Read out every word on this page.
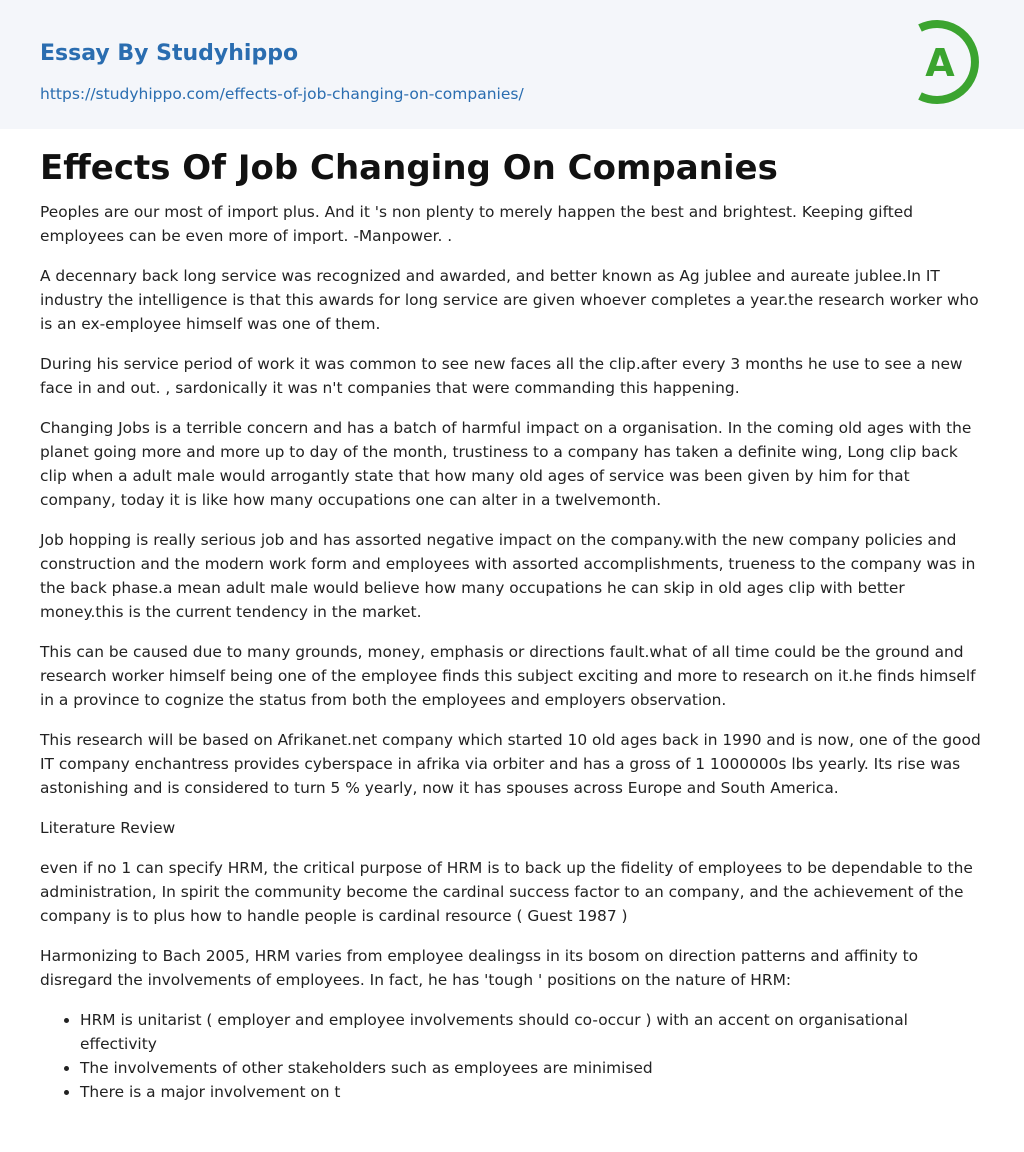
Essay By Studyhippo
https://studyhippo.com/effects-of-job-changing-on-companies/
A
Effects Of Job Changing On Companies

Peoples are our most of import plus. And it 's non plenty to merely happen the best and brightest. Keeping gifted employees can be even more of import. -Manpower. .

A decennary back long service was recognized and awarded, and better known as Ag jublee and aureate jublee.In IT industry the intelligence is that this awards for long service are given whoever completes a year.the research worker who is an ex-employee himself was one of them.

During his service period of work it was common to see new faces all the clip.after every 3 months he use to see a new face in and out. , sardonically it was n't companies that were commanding this happening.

Changing Jobs is a terrible concern and has a batch of harmful impact on a organisation. In the coming old ages with the planet going more and more up to day of the month, trustiness to a company has taken a definite wing, Long clip back clip when a adult male would arrogantly state that how many old ages of service was been given by him for that company, today it is like how many occupations one can alter in a twelvemonth.

Job hopping is really serious job and has assorted negative impact on the company.with the new company policies and construction and the modern work form and employees with assorted accomplishments, trueness to the company was in the back phase.a mean adult male would believe how many occupations he can skip in old ages clip with better money.this is the current tendency in the market.

This can be caused due to many grounds, money, emphasis or directions fault.what of all time could be the ground and research worker himself being one of the employee finds this subject exciting and more to research on it.he finds himself in a province to cognize the status from both the employees and employers observation.

This research will be based on Afrikanet.net company which started 10 old ages back in 1990 and is now, one of the good IT company enchantress provides cyberspace in afrika via orbiter and has a gross of 1 1000000s lbs yearly. Its rise was astonishing and is considered to turn 5 % yearly, now it has spouses across Europe and South America.

Literature Review

even if no 1 can specify HRM, the critical purpose of HRM is to back up the fidelity of employees to be dependable to the administration, In spirit the community become the cardinal success factor to an company, and the achievement of the company is to plus how to handle people is cardinal resource ( Guest 1987 )

Harmonizing to Bach 2005, HRM varies from employee dealingss in its bosom on direction patterns and affinity to disregard the involvements of employees. In fact, he has 'tough ' positions on the nature of HRM:

• HRM is unitarist ( employer and employee involvements should co-occur ) with an accent on organisational effectivity
• The involvements of other stakeholders such as employees are minimised
• There is a major involvement on t
